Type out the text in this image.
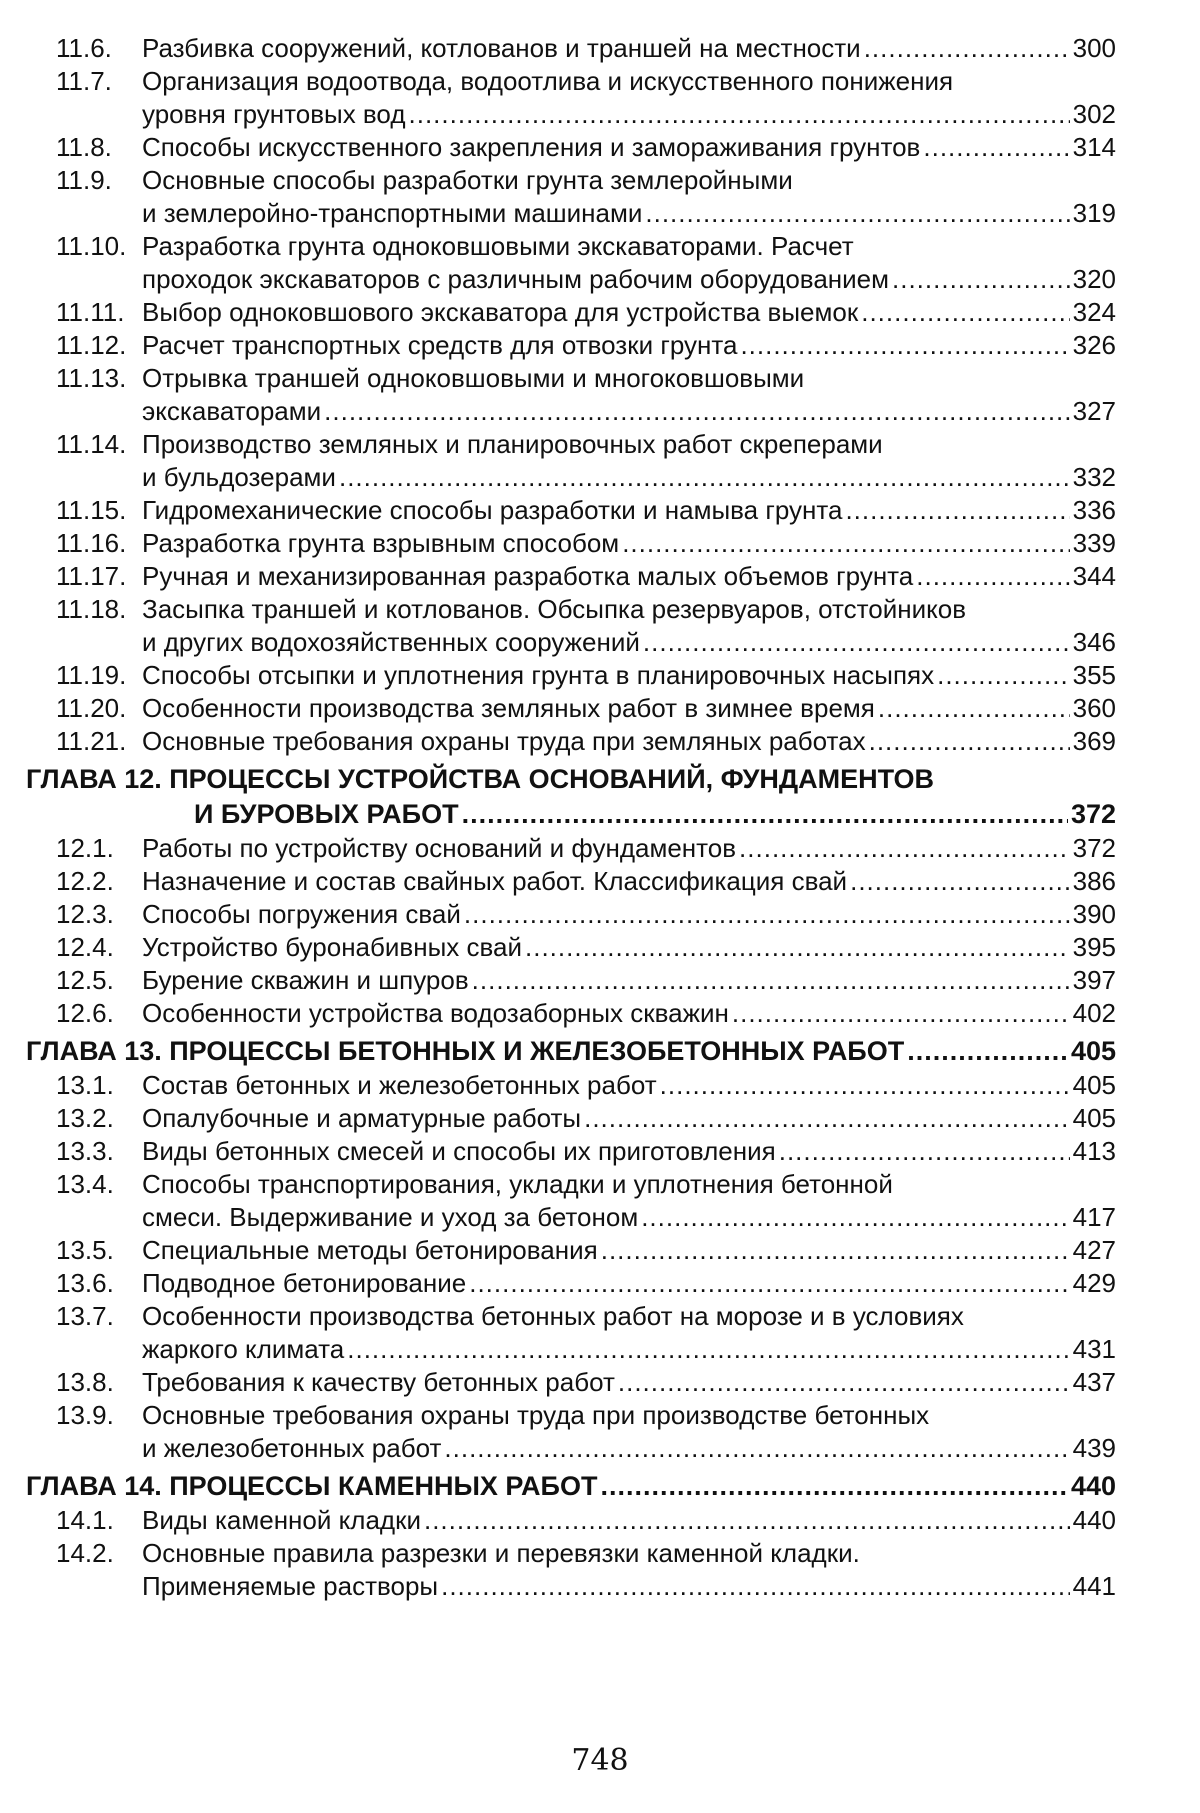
11.6.	Разбивка сооружений, котлованов и траншей на местности .....	300
11.7.	Организация водоотвода, водоотлива и искусственного понижения
уровня грунтовых вод .....	302
11.8.	Способы искусственного закрепления и замораживания грунтов .....	314
11.9.	Основные способы разработки грунта землеройными
и землеройно-транспортными машинами .....	319
11.10. Разработка грунта одноковшовыми экскаваторами. Расчет
проходок экскаваторов с различным рабочим оборудованием .....	320
11.11. Выбор одноковшового экскаватора для устройства выемок .....	324
11.12. Расчет транспортных средств для отвозки грунта .....	326
11.13. Отрывка траншей одноковшовыми и многоковшовыми
экскаваторами .....	327
11.14. Производство земляных и планировочных работ скреперами
и бульдозерами .....	332
11.15. Гидромеханические способы разработки и намыва грунта .....	336
11.16. Разработка грунта взрывным способом .....	339
11.17. Ручная и механизированная разработка малых объемов грунта .....	344
11.18. Засыпка траншей и котлованов. Обсыпка резервуаров, отстойников
и других водохозяйственных сооружений .....	346
11.19. Способы отсыпки и уплотнения грунта в планировочных насыпях .....	355
11.20. Особенности производства земляных работ в зимнее время .....	360
11.21. Основные требования охраны труда при земляных работах .....	369
ГЛАВА 12. ПРОЦЕССЫ УСТРОЙСТВА ОСНОВАНИЙ, ФУНДАМЕНТОВ
И БУРОВЫХ РАБОТ .....	372
12.1.	Работы по устройству оснований и фундаментов .....	372
12.2.	Назначение и состав свайных работ. Классификация свай .....	386
12.3.	Способы погружения свай .....	390
12.4.	Устройство буронабивных свай .....	395
12.5.	Бурение скважин и шпуров .....	397
12.6.	Особенности устройства водозаборных скважин .....	402
ГЛАВА 13. ПРОЦЕССЫ БЕТОННЫХ И ЖЕЛЕЗОБЕТОННЫХ РАБОТ .....	405
13.1.	Состав бетонных и железобетонных работ .....	405
13.2.	Опалубочные и арматурные работы .....	405
13.3.	Виды бетонных смесей и способы их приготовления .....	413
13.4.	Способы транспортирования, укладки и уплотнения бетонной
смеси. Выдерживание и уход за бетоном .....	417
13.5.	Специальные методы бетонирования .....	427
13.6.	Подводное бетонирование .....	429
13.7.	Особенности производства бетонных работ на морозе и в условиях
жаркого климата .....	431
13.8.	Требования к качеству бетонных работ .....	437
13.9.	Основные требования охраны труда при производстве бетонных
и железобетонных работ .....	439
ГЛАВА 14. ПРОЦЕССЫ КАМЕННЫХ РАБОТ .....	440
14.1.	Виды каменной кладки .....	440
14.2.	Основные правила разрезки и перевязки каменной кладки.
Применяемые растворы .....	441
748
